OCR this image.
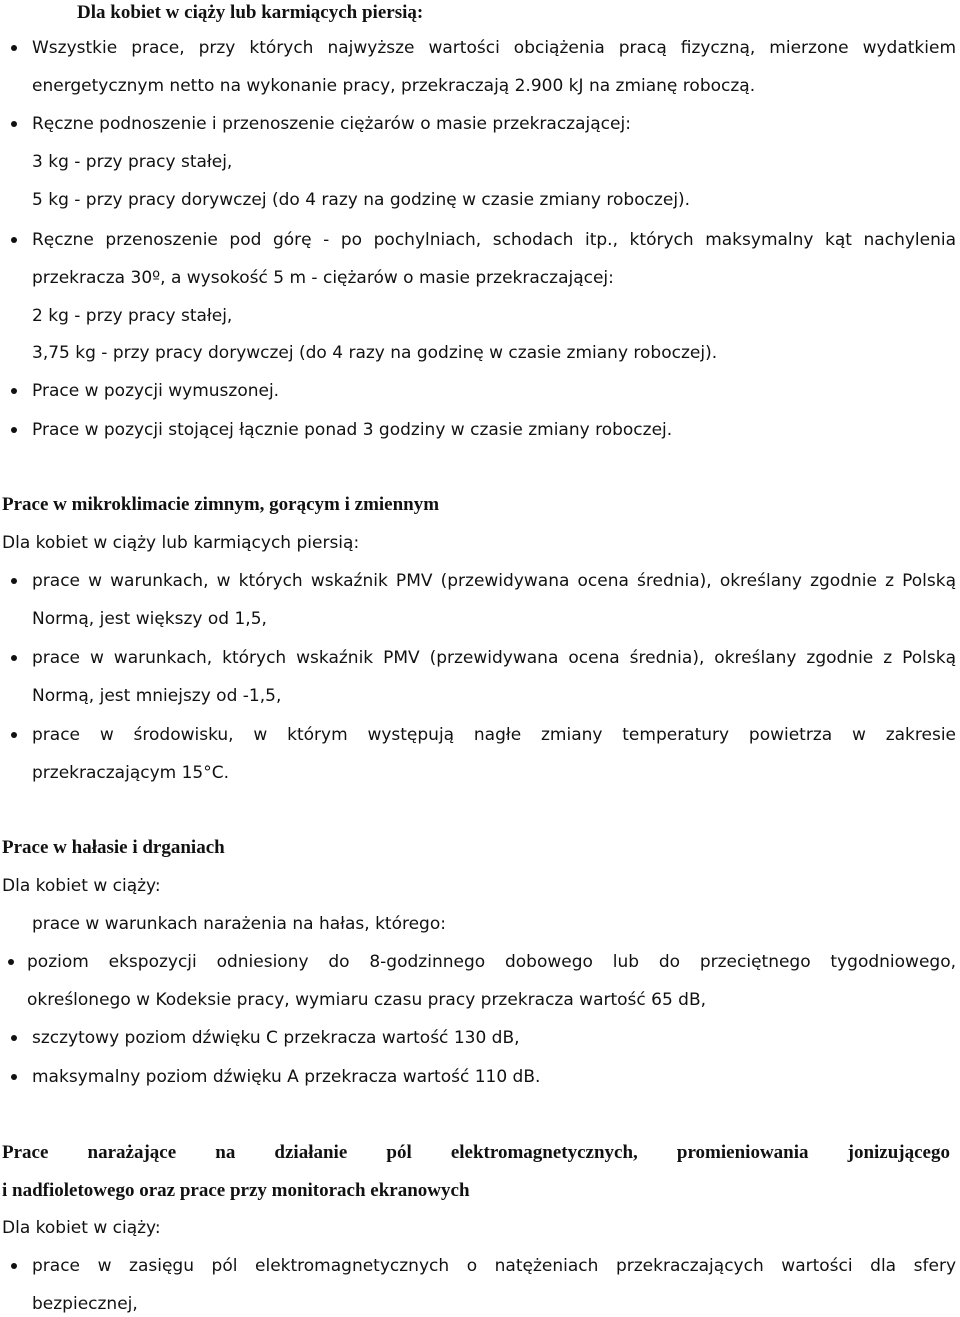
Dla kobiet w ciąży lub karmiących piersią:
Wszystkie prace, przy których najwyższe wartości obciążenia pracą fizyczną, mierzone wydatkiem
energetycznym netto na wykonanie pracy, przekraczają 2.900 kJ na zmianę roboczą.
Ręczne podnoszenie i przenoszenie ciężarów o masie przekraczającej:
3 kg - przy pracy stałej,
5 kg - przy pracy dorywczej (do 4 razy na godzinę w czasie zmiany roboczej).
Ręczne przenoszenie pod górę - po pochylniach, schodach itp., których maksymalny kąt nachylenia
przekracza 30º, a wysokość 5 m - ciężarów o masie przekraczającej:
2 kg - przy pracy stałej,
3,75 kg - przy pracy dorywczej (do 4 razy na godzinę w czasie zmiany roboczej).
Prace w pozycji wymuszonej.
Prace w pozycji stojącej łącznie ponad 3 godziny w czasie zmiany roboczej.
Prace w mikroklimacie zimnym, gorącym i zmiennym
Dla kobiet w ciąży lub karmiących piersią:
prace w warunkach, w których wskaźnik PMV (przewidywana ocena średnia), określany zgodnie z Polską
Normą, jest większy od 1,5,
prace w warunkach, których wskaźnik PMV (przewidywana ocena średnia), określany zgodnie z Polską
Normą, jest mniejszy od -1,5,
prace w środowisku, w którym występują nagłe zmiany temperatury powietrza w zakresie
przekraczającym 15°C.
Prace w hałasie i drganiach
Dla kobiet w ciąży:
prace w warunkach narażenia na hałas, którego:
poziom ekspozycji odniesiony do 8-godzinnego dobowego lub do przeciętnego tygodniowego,
określonego w Kodeksie pracy, wymiaru czasu pracy przekracza wartość 65 dB,
szczytowy poziom dźwięku C przekracza wartość 130 dB,
maksymalny poziom dźwięku A przekracza wartość 110 dB.
Prace narażające na działanie pól elektromagnetycznych, promieniowania jonizującego
i nadfioletowego oraz prace przy monitorach ekranowych
Dla kobiet w ciąży:
prace w zasięgu pól elektromagnetycznych o natężeniach przekraczających wartości dla sfery
bezpiecznej,
